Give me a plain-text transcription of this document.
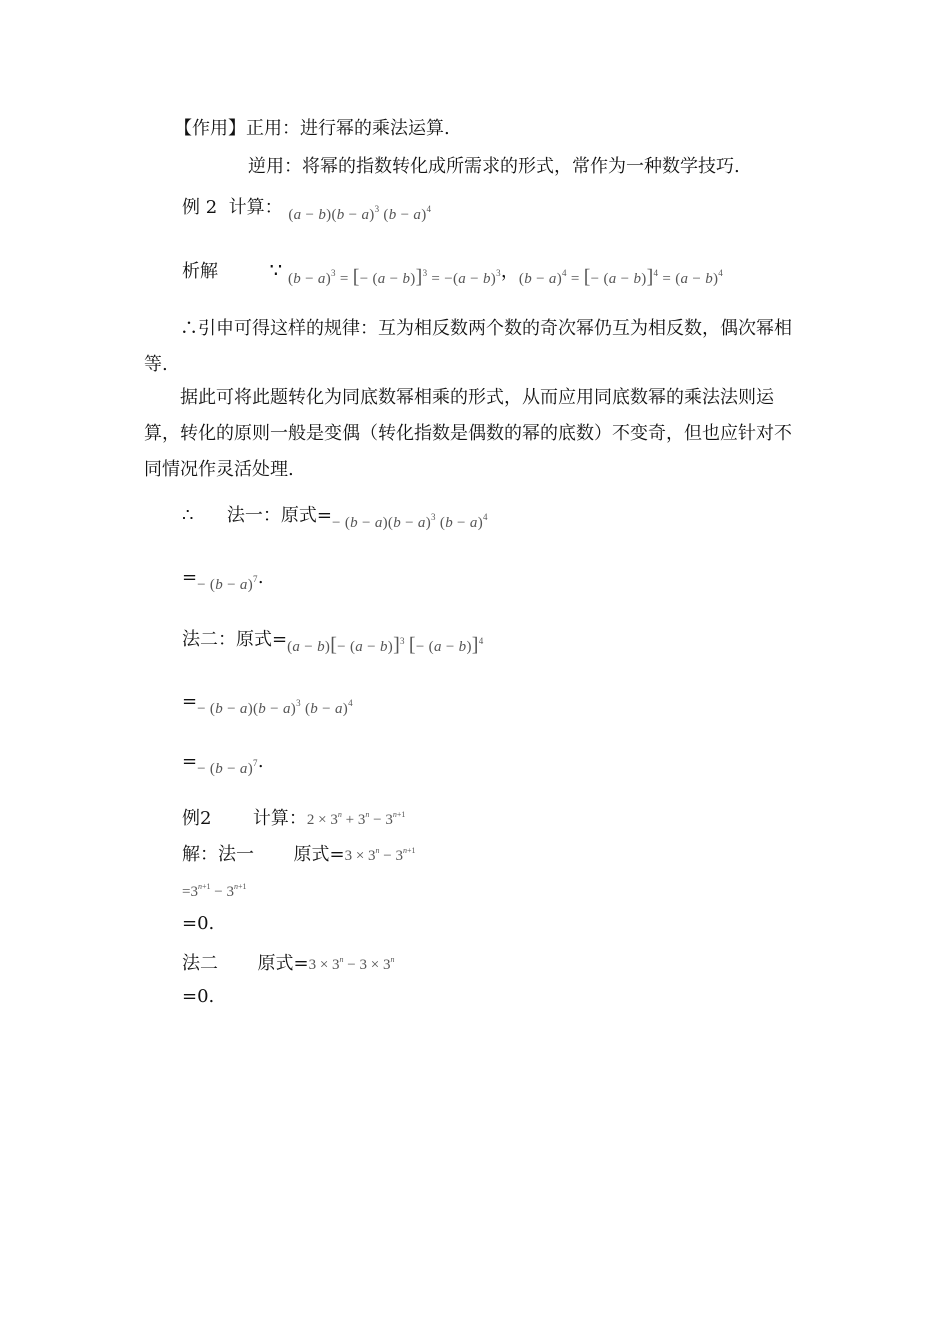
【作用】正用：进行幂的乘法运算.
逆用：将幂的指数转化成所需求的形式，常作为一种数学技巧.
例 2 计算： $_{(a - b)(b - a)^3 (b - a)^4}$
析解	∵ $_{(b - a)^3 = [- (a - b)]^3 = -(a - b)^3}$，$_{(b - a)^4 = [- (a - b)]^4 = (a - b)^4}$
∴引申可得这样的规律：互为相反数两个数的奇次幂仍互为相反数，偶次幂相等.
据此可将此题转化为同底数幂相乘的形式，从而应用同底数幂的乘法法则运算，转化的原则一般是变偶（转化指数是偶数的幂的底数）不变奇，但也应针对不同情况作灵活处理.
∴ 法一：原式$=_{- (b - a)(b - a)^3 (b - a)^4}$
$=_{- (b - a)^7}$.
法二：原式$=_{(a - b)[- (a - b)]^3 [- (a - b)]^4}$
$=_{- (b - a)(b - a)^3 (b - a)^4}$
$=_{- (b - a)^7}$.
例2 计算：$2 \times 3^n + 3^n - 3^{n+1}$
解：法一 原式$=3 \times 3^n - 3^{n+1}$
$=3^{n+1} - 3^{n+1}$
=0.
法二 原式$=3 \times 3^n - 3 \times 3^n$
=0.
